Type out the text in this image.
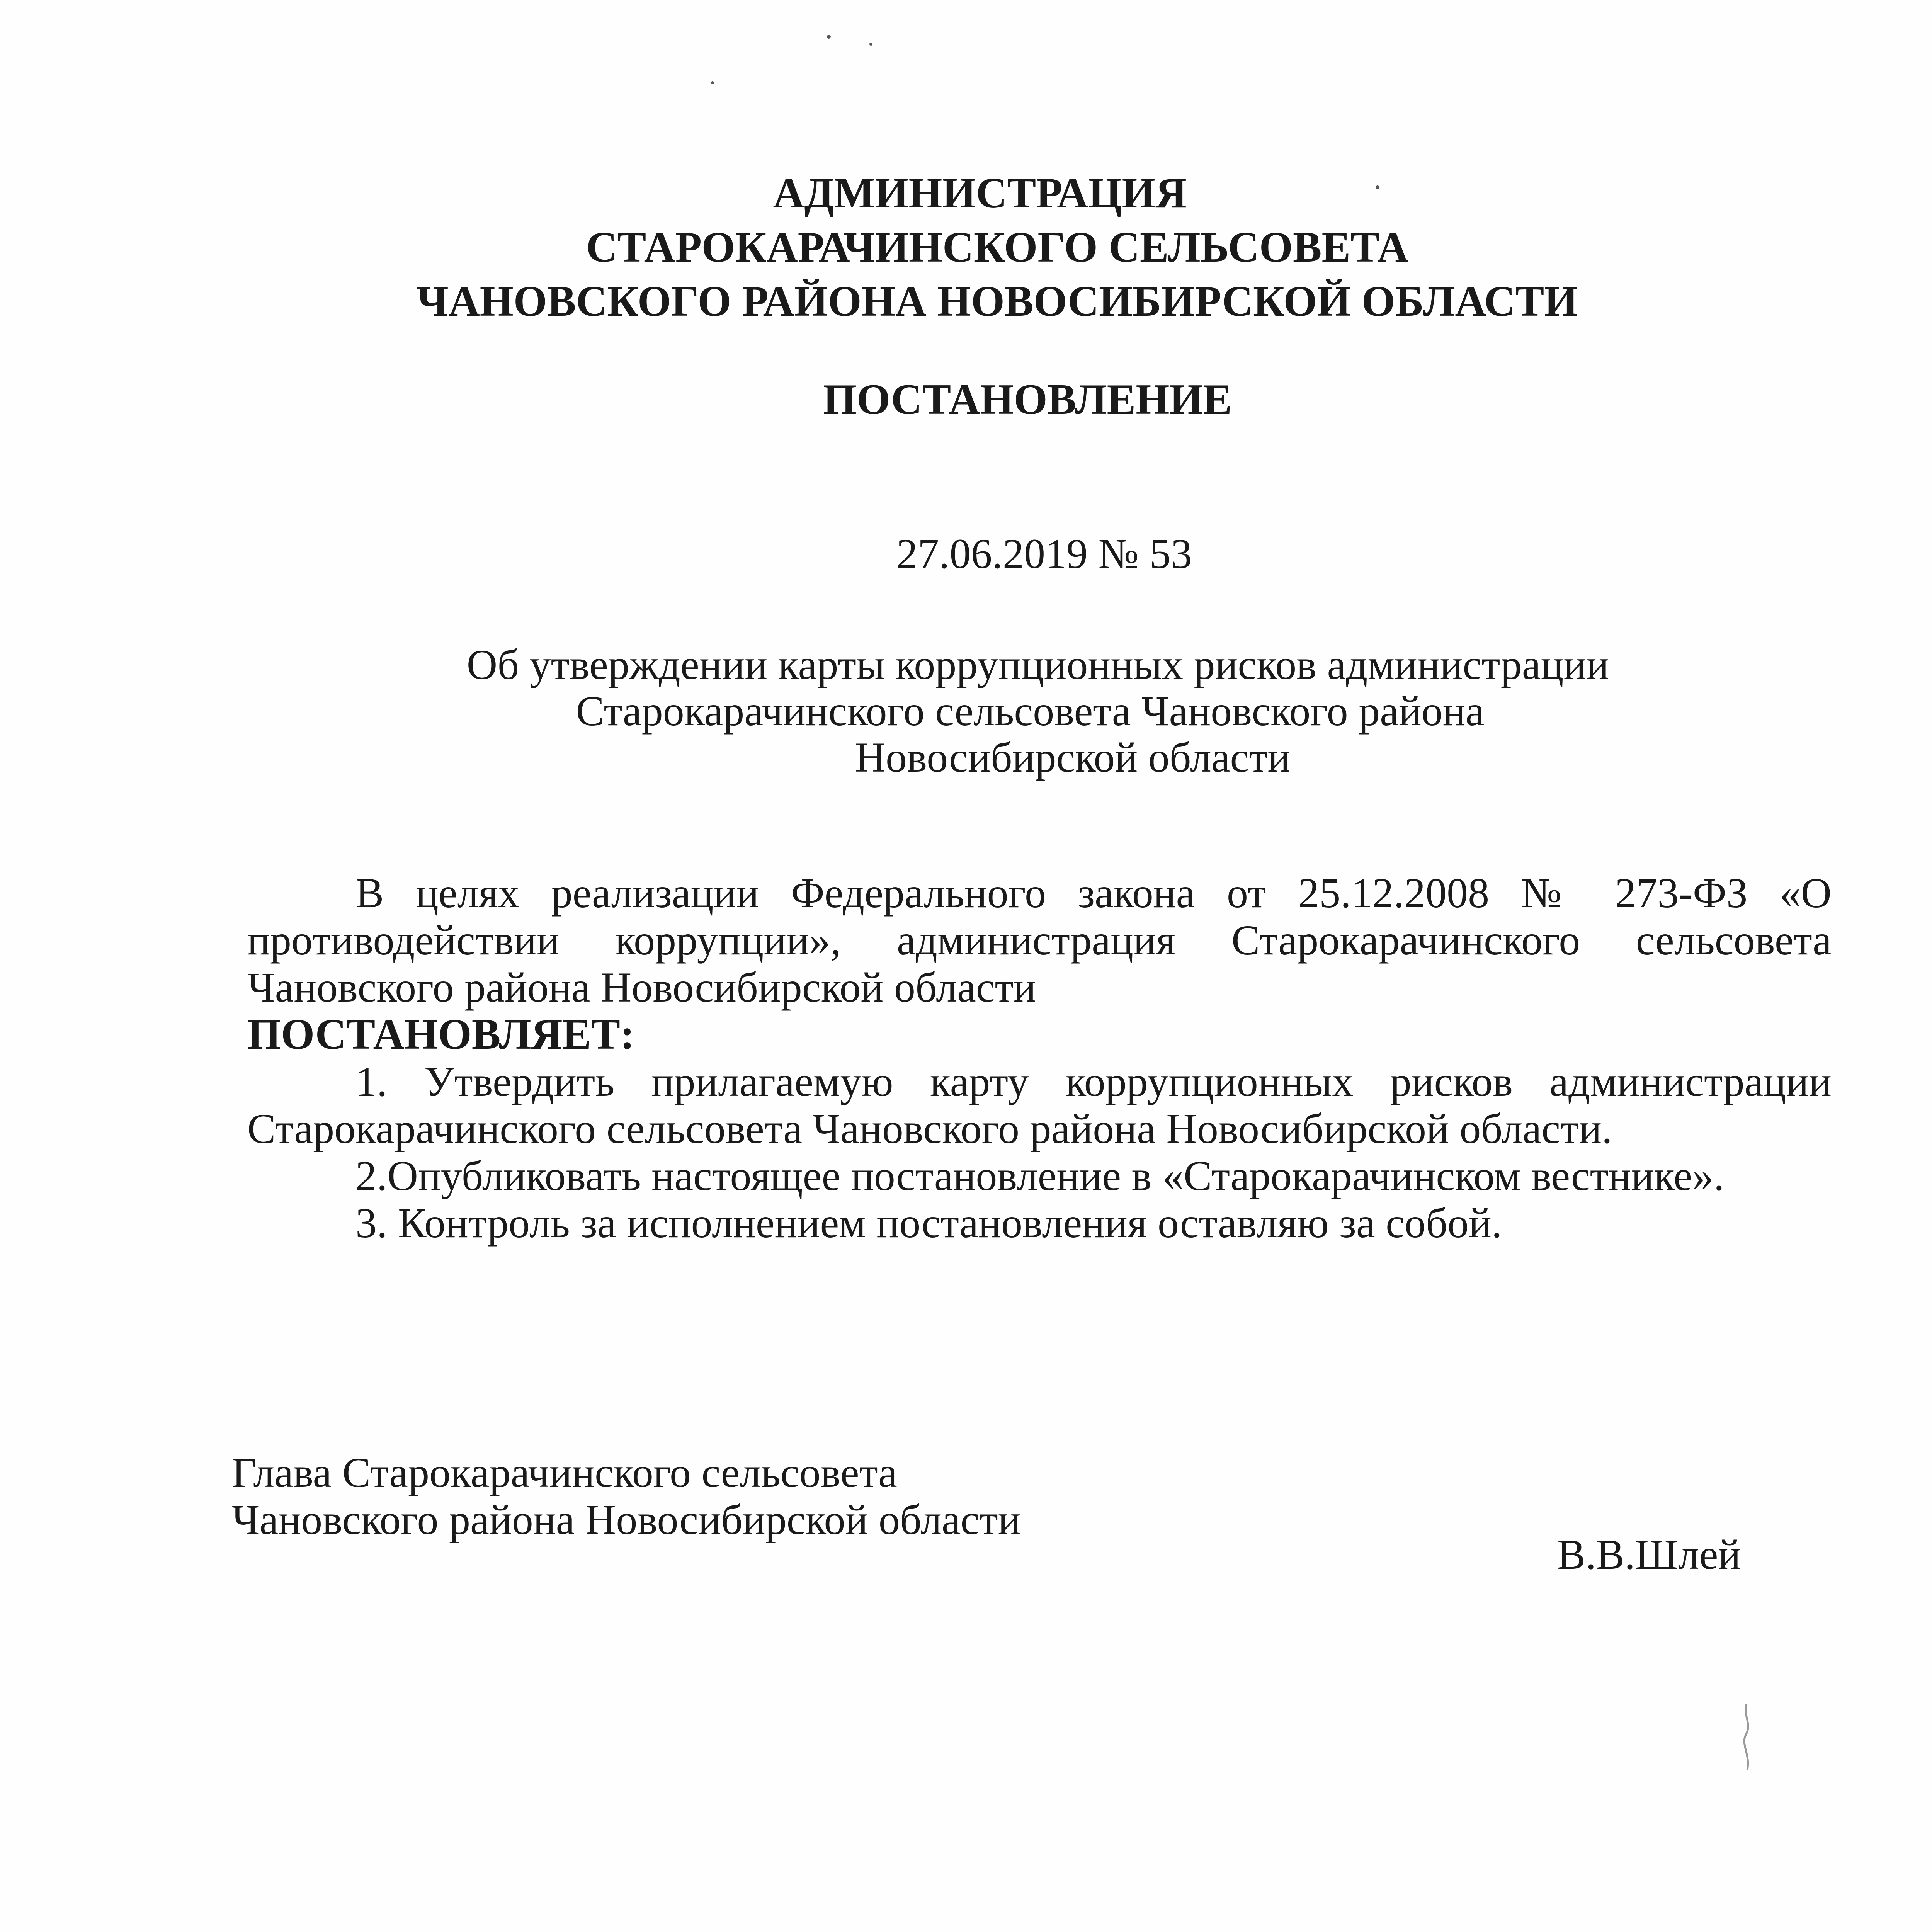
АДМИНИСТРАЦИЯ
СТАРОКАРАЧИНСКОГО СЕЛЬСОВЕТА
ЧАНОВСКОГО РАЙОНА НОВОСИБИРСКОЙ ОБЛАСТИ
ПОСТАНОВЛЕНИЕ
27.06.2019 № 53
Об утверждении карты коррупционных рисков администрации
Старокарачинского сельсовета Чановского района
Новосибирской области

В целях реализации Федерального закона от 25.12.2008 № 273-ФЗ «О противодействии коррупции», администрация Старокарачинского сельсовета Чановского района Новосибирской области

ПОСТАНОВЛЯЕТ:

1. Утвердить прилагаемую карту коррупционных рисков администрации Старокарачинского сельсовета Чановского района Новосибирской области.

2.Опубликовать настоящее постановление в «Старокарачинском вестнике».

3. Контроль за исполнением постановления оставляю за собой.

Глава Старокарачинского сельсовета
Чановского района Новосибирской области
В.В.Шлей
